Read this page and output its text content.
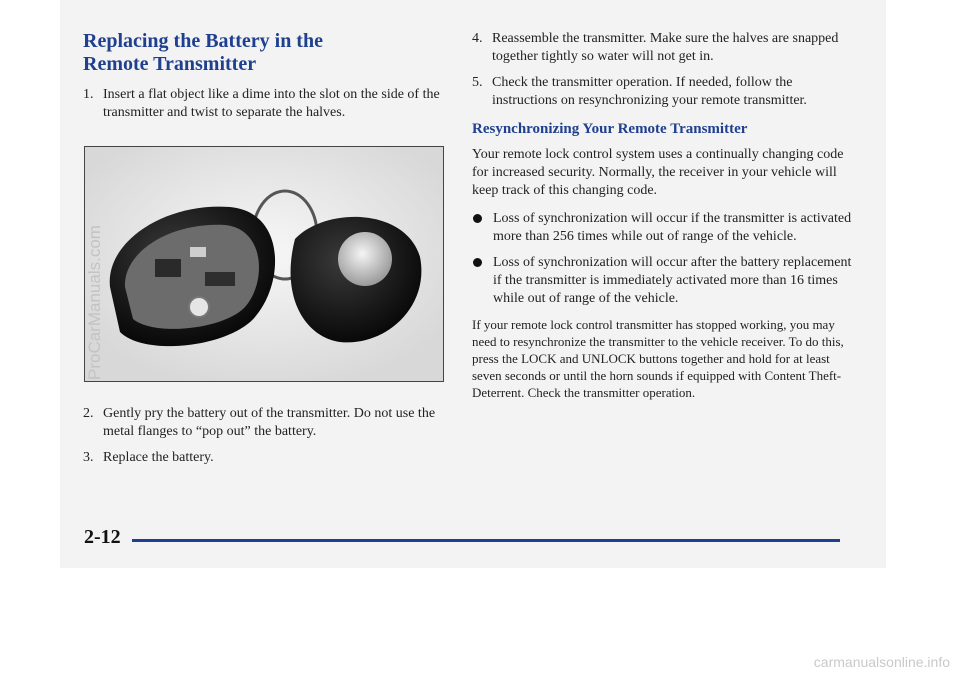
Replacing the Battery in the
Remote Transmitter
1. Insert a flat object like a dime into the slot on the side of the transmitter and twist to separate the halves.
2. Gently pry the battery out of the transmitter. Do not use the metal flanges to “pop out” the battery.
3. Replace the battery.
4. Reassemble the transmitter. Make sure the halves are snapped together tightly so water will not get in.
5. Check the transmitter operation. If needed, follow the instructions on resynchronizing your remote transmitter.
Resynchronizing Your Remote Transmitter

Your remote lock control system uses a continually changing code for increased security. Normally, the receiver in your vehicle will keep track of this changing code.

Loss of synchronization will occur if the transmitter is activated more than 256 times while out of range of the vehicle.
Loss of synchronization will occur after the battery replacement if the transmitter is immediately activated more than 16 times while out of range of the vehicle.

If your remote lock control transmitter has stopped working, you may need to resynchronize the transmitter to the vehicle receiver. To do this, press the LOCK and UNLOCK buttons together and hold for at least seven seconds or until the horn sounds if equipped with Content Theft-Deterrent. Check the transmitter operation.

2-12
ProCarManuals.com
carmanualsonline.info
